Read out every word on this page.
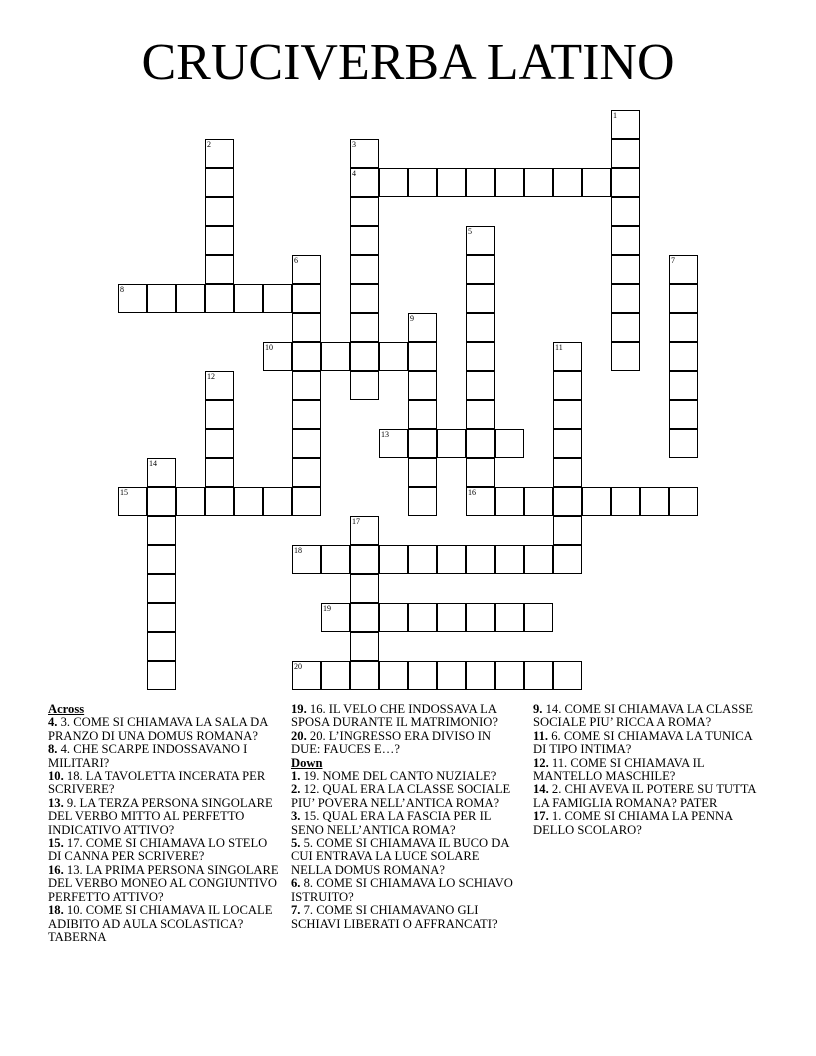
CRUCIVERBA LATINO
1
2	3
4
5
16
6	7
8
9
10	11
12
13
14
15
17
18
19
20
Across
4. 3. COME SI CHIAMAVA LA SALA DA PRANZO DI UNA DOMUS ROMANA?
8. 4. CHE SCARPE INDOSSAVANO I MILITARI?
10. 18. LA TAVOLETTA INCERATA PER SCRIVERE?
13. 9. LA TERZA PERSONA SINGOLARE DEL VERBO MITTO AL PERFETTO INDICATIVO ATTIVO?
15. 17. COME SI CHIAMAVA LO STELO DI CANNA PER SCRIVERE?
16. 13. LA PRIMA PERSONA SINGOLARE DEL VERBO MONEO AL CONGIUNTIVO PERFETTO ATTIVO?
18. 10. COME SI CHIAMAVA IL LOCALE ADIBITO AD AULA SCOLASTICA? TABERNA
19. 16. IL VELO CHE INDOSSAVA LA SPOSA DURANTE IL MATRIMONIO?
20. 20. L’INGRESSO ERA DIVISO IN DUE: FAUCES E…?
Down
1. 19. NOME DEL CANTO NUZIALE?
2. 12. QUAL ERA LA CLASSE SOCIALE PIU’ POVERA NELL’ANTICA ROMA?
3. 15. QUAL ERA LA FASCIA PER IL SENO NELL’ANTICA ROMA?
5. 5. COME SI CHIAMAVA IL BUCO DA CUI ENTRAVA LA LUCE SOLARE NELLA DOMUS ROMANA?
6. 8. COME SI CHIAMAVA LO SCHIAVO ISTRUITO?
7. 7. COME SI CHIAMAVANO GLI SCHIAVI LIBERATI O AFFRANCATI?
9. 14. COME SI CHIAMAVA LA CLASSE SOCIALE PIU’ RICCA A ROMA?
11. 6. COME SI CHIAMAVA LA TUNICA DI TIPO INTIMA?
12. 11. COME SI CHIAMAVA IL MANTELLO MASCHILE?
14. 2. CHI AVEVA IL POTERE SU TUTTA LA FAMIGLIA ROMANA? PATER
17. 1. COME SI CHIAMA LA PENNA DELLO SCOLARO?
